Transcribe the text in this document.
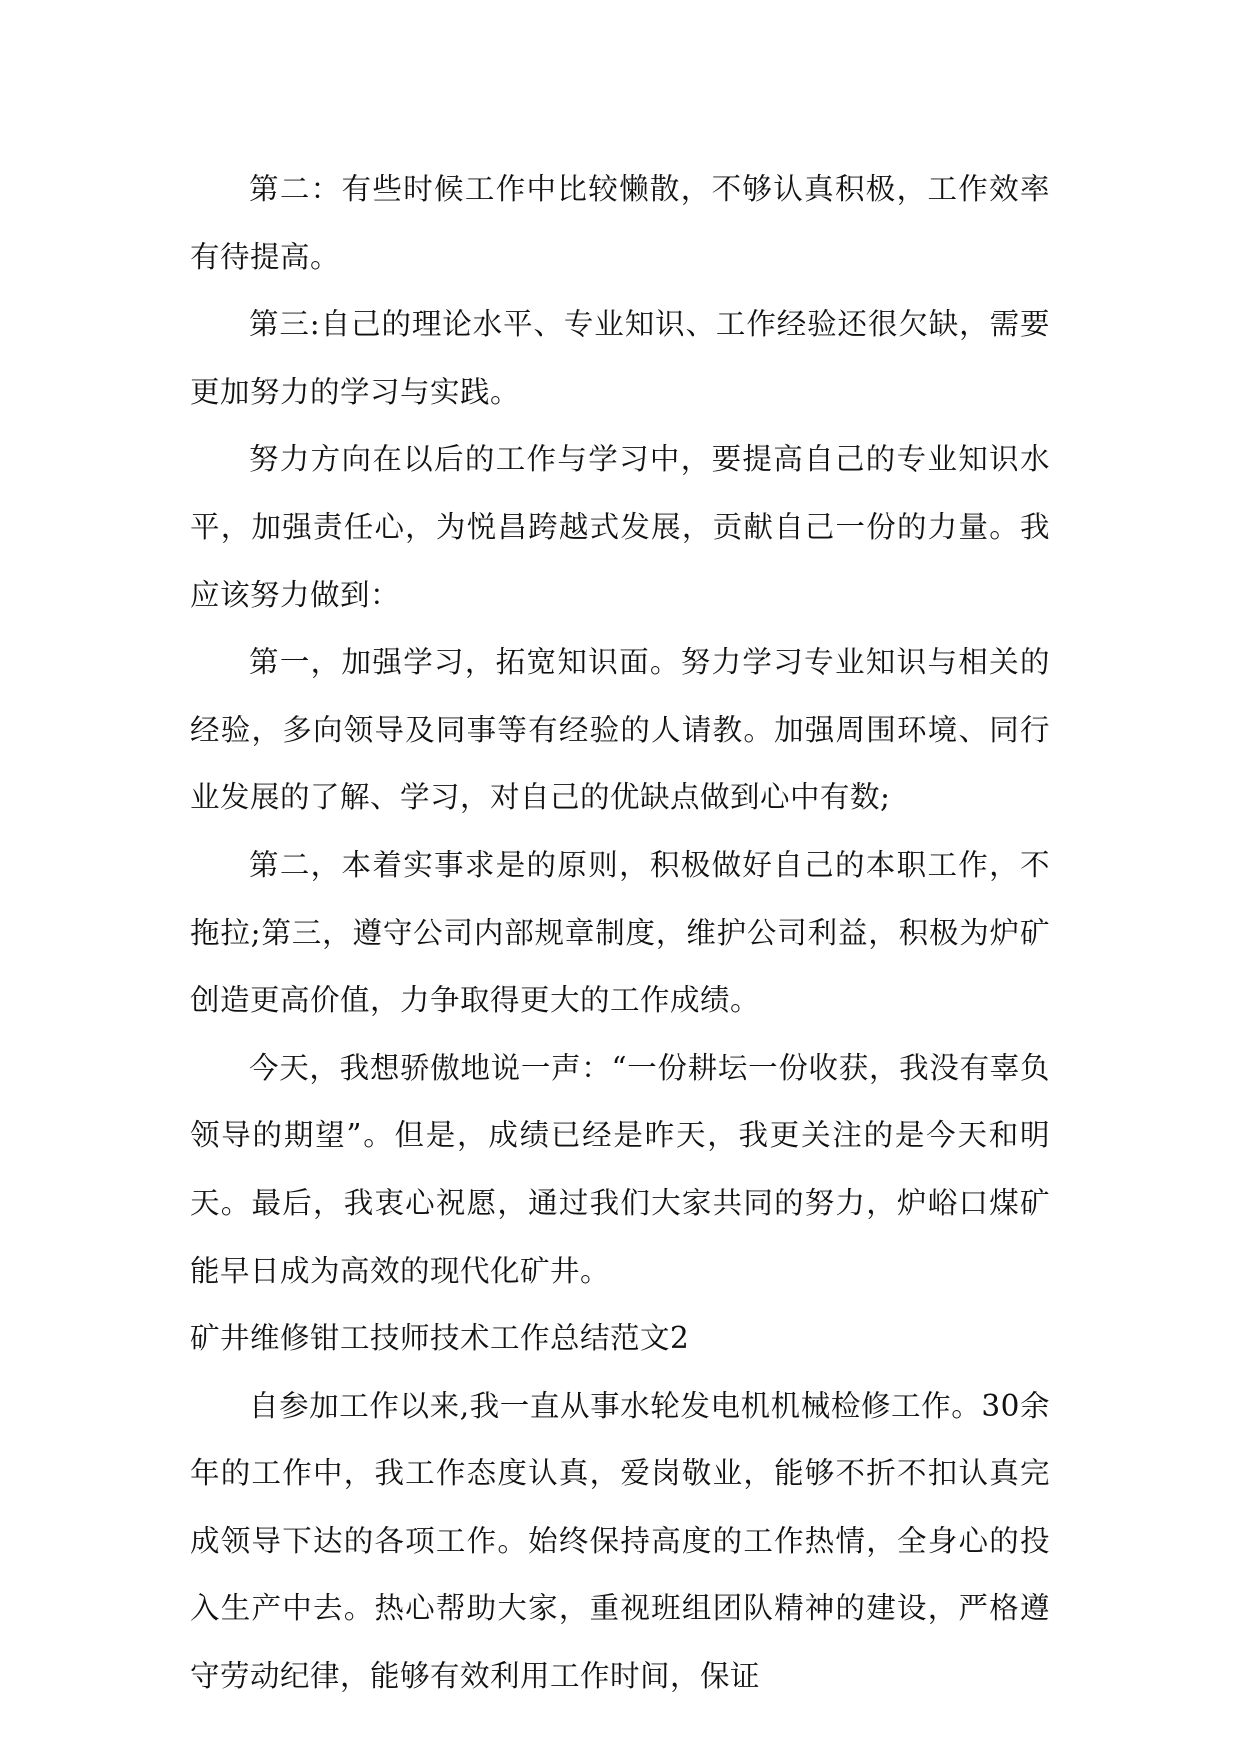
第二：有些时候工作中比较懒散，不够认真积极，工作效率有待提高。

第三:自己的理论水平、专业知识、工作经验还很欠缺，需要更加努力的学习与实践。

努力方向在以后的工作与学习中，要提高自己的专业知识水平，加强责任心，为悦昌跨越式发展，贡献自己一份的力量。我应该努力做到：

第一，加强学习，拓宽知识面。努力学习专业知识与相关的经验，多向领导及同事等有经验的人请教。加强周围环境、同行业发展的了解、学习，对自己的优缺点做到心中有数;

第二，本着实事求是的原则，积极做好自己的本职工作，不拖拉;第三，遵守公司内部规章制度，维护公司利益，积极为炉矿创造更高价值，力争取得更大的工作成绩。

今天，我想骄傲地说一声：“一份耕坛一份收获，我没有辜负领导的期望”。但是，成绩已经是昨天，我更关注的是今天和明天。最后，我衷心祝愿，通过我们大家共同的努力，炉峪口煤矿能早日成为高效的现代化矿井。

矿井维修钳工技师技术工作总结范文2

自参加工作以来,我一直从事水轮发电机机械检修工作。30余年的工作中，我工作态度认真，爱岗敬业，能够不折不扣认真完成领导下达的各项工作。始终保持高度的工作热情，全身心的投入生产中去。热心帮助大家，重视班组团队精神的建设，严格遵守劳动纪律，能够有效利用工作时间，保证
